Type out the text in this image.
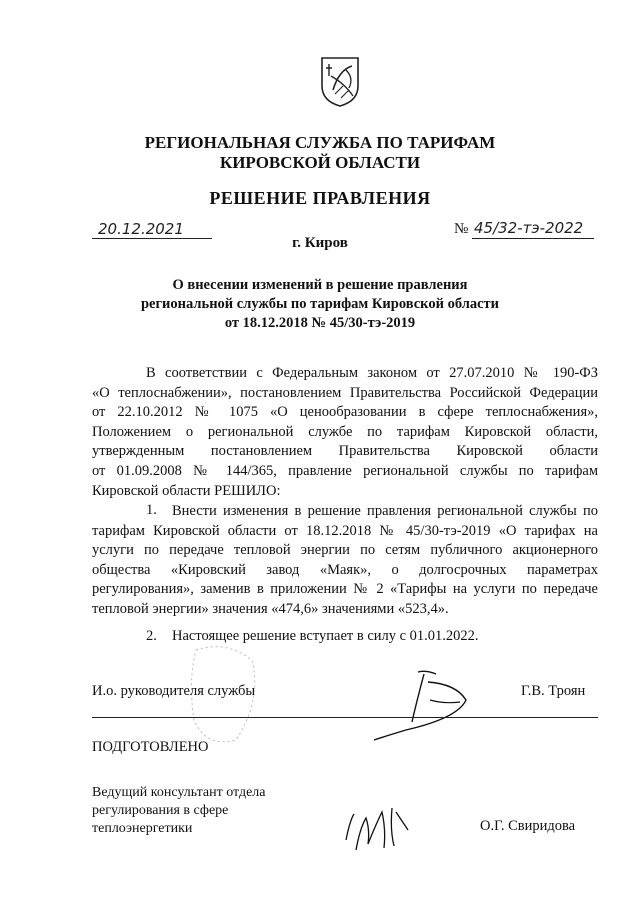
РЕГИОНАЛЬНАЯ СЛУЖБА ПО ТАРИФАМ
КИРОВСКОЙ ОБЛАСТИ
РЕШЕНИЕ ПРАВЛЕНИЯ
20.12.2021	№ 45/32-тэ-2022
г. Киров
О внесении изменений в решение правления
региональной службы по тарифам Кировской области
от 18.12.2018 № 45/30-тэ-2019
В соответствии с Федеральным законом от 27.07.2010 № 190-ФЗ
«О теплоснабжении», постановлением Правительства Российской Федерации
от 22.10.2012 № 1075 «О ценообразовании в сфере теплоснабжения»,
Положением о региональной службе по тарифам Кировской области,
утвержденным постановлением Правительства Кировской области
от 01.09.2008 № 144/365, правление региональной службы по тарифам
Кировской области РЕШИЛО:
1.	Внести изменения в решение правления региональной службы по
тарифам Кировской области от 18.12.2018 № 45/30-тэ-2019 «О тарифах на
услуги по передаче тепловой энергии по сетям публичного акционерного
общества «Кировский завод «Маяк», о долгосрочных параметрах
регулирования», заменив в приложении № 2 «Тарифы на услуги по передаче
тепловой энергии» значения «474,6» значениями «523,4».
2. Настоящее решение вступает в силу с 01.01.2022.
И.о. руководителя службы	Г.В. Троян
ПОДГОТОВЛЕНО
Ведущий консультант отдела
регулирования в сфере
теплоэнергетики	О.Г. Свиридова
